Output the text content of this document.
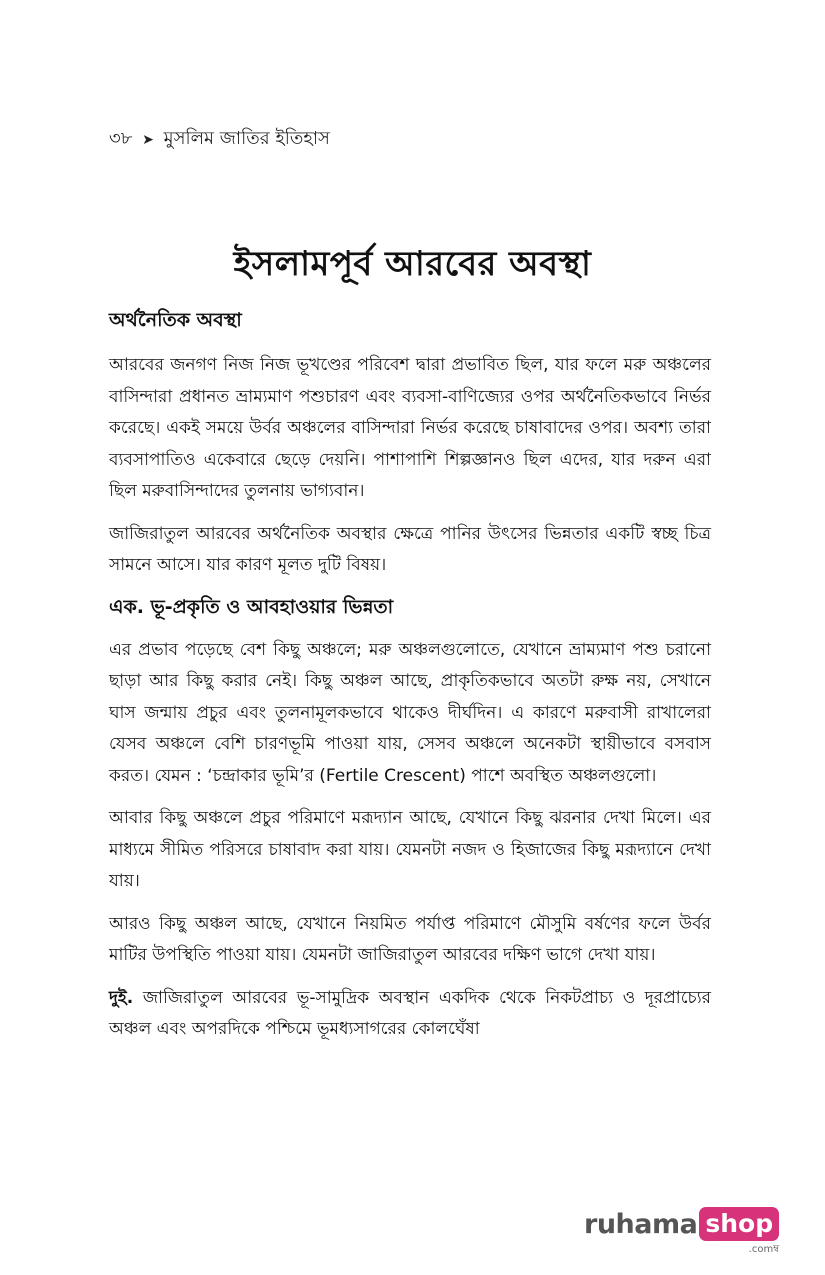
৩৮ ➤ মুসলিম জাতির ইতিহাস
ইসলামপূর্ব আরবের অবস্থা
অর্থনৈতিক অবস্থা

আরবের জনগণ নিজ নিজ ভূখণ্ডের পরিবেশ দ্বারা প্রভাবিত ছিল, যার ফলে মরু অঞ্চলের বাসিন্দারা প্রধানত ভ্রাম্যমাণ পশুচারণ এবং ব্যবসা-বাণিজ্যের ওপর অর্থনৈতিকভাবে নির্ভর করেছে। একই সময়ে উর্বর অঞ্চলের বাসিন্দারা নির্ভর করেছে চাষাবাদের ওপর। অবশ্য তারা ব্যবসাপাতিও একেবারে ছেড়ে দেয়নি। পাশাপাশি শিল্পজ্ঞানও ছিল এদের, যার দরুন এরা ছিল মরুবাসিন্দাদের তুলনায় ভাগ্যবান।

জাজিরাতুল আরবের অর্থনৈতিক অবস্থার ক্ষেত্রে পানির উৎসের ভিন্নতার একটি স্বচ্ছ চিত্র সামনে আসে। যার কারণ মূলত দুটি বিষয়।

এক. ভূ-প্রকৃতি ও আবহাওয়ার ভিন্নতা

এর প্রভাব পড়েছে বেশ কিছু অঞ্চলে; মরু অঞ্চলগুলোতে, যেখানে ভ্রাম্যমাণ পশু চরানো ছাড়া আর কিছু করার নেই। কিছু অঞ্চল আছে, প্রাকৃতিকভাবে অতটা রুক্ষ নয়, সেখানে ঘাস জন্মায় প্রচুর এবং তুলনামূলকভাবে থাকেও দীর্ঘদিন। এ কারণে মরুবাসী রাখালেরা যেসব অঞ্চলে বেশি চারণভূমি পাওয়া যায়, সেসব অঞ্চলে অনেকটা স্থায়ীভাবে বসবাস করত। যেমন : ‘চন্দ্রাকার ভূমি’র (Fertile Crescent) পাশে অবস্থিত অঞ্চলগুলো।

আবার কিছু অঞ্চলে প্রচুর পরিমাণে মরূদ্যান আছে, যেখানে কিছু ঝরনার দেখা মিলে। এর মাধ্যমে সীমিত পরিসরে চাষাবাদ করা যায়। যেমনটা নজদ ও হিজাজের কিছু মরূদ্যানে দেখা যায়।

আরও কিছু অঞ্চল আছে, যেখানে নিয়মিত পর্যাপ্ত পরিমাণে মৌসুমি বর্ষণের ফলে উর্বর মাটির উপস্থিতি পাওয়া যায়। যেমনটা জাজিরাতুল আরবের দক্ষিণ ভাগে দেখা যায়।

দুই. জাজিরাতুল আরবের ভূ-সামুদ্রিক অবস্থান একদিক থেকে নিকটপ্রাচ্য ও দূরপ্রাচ্যের অঞ্চল এবং অপরদিকে পশ্চিমে ভূমধ্যসাগরের কোলঘেঁষা

ruhama shop
.comম্ব
